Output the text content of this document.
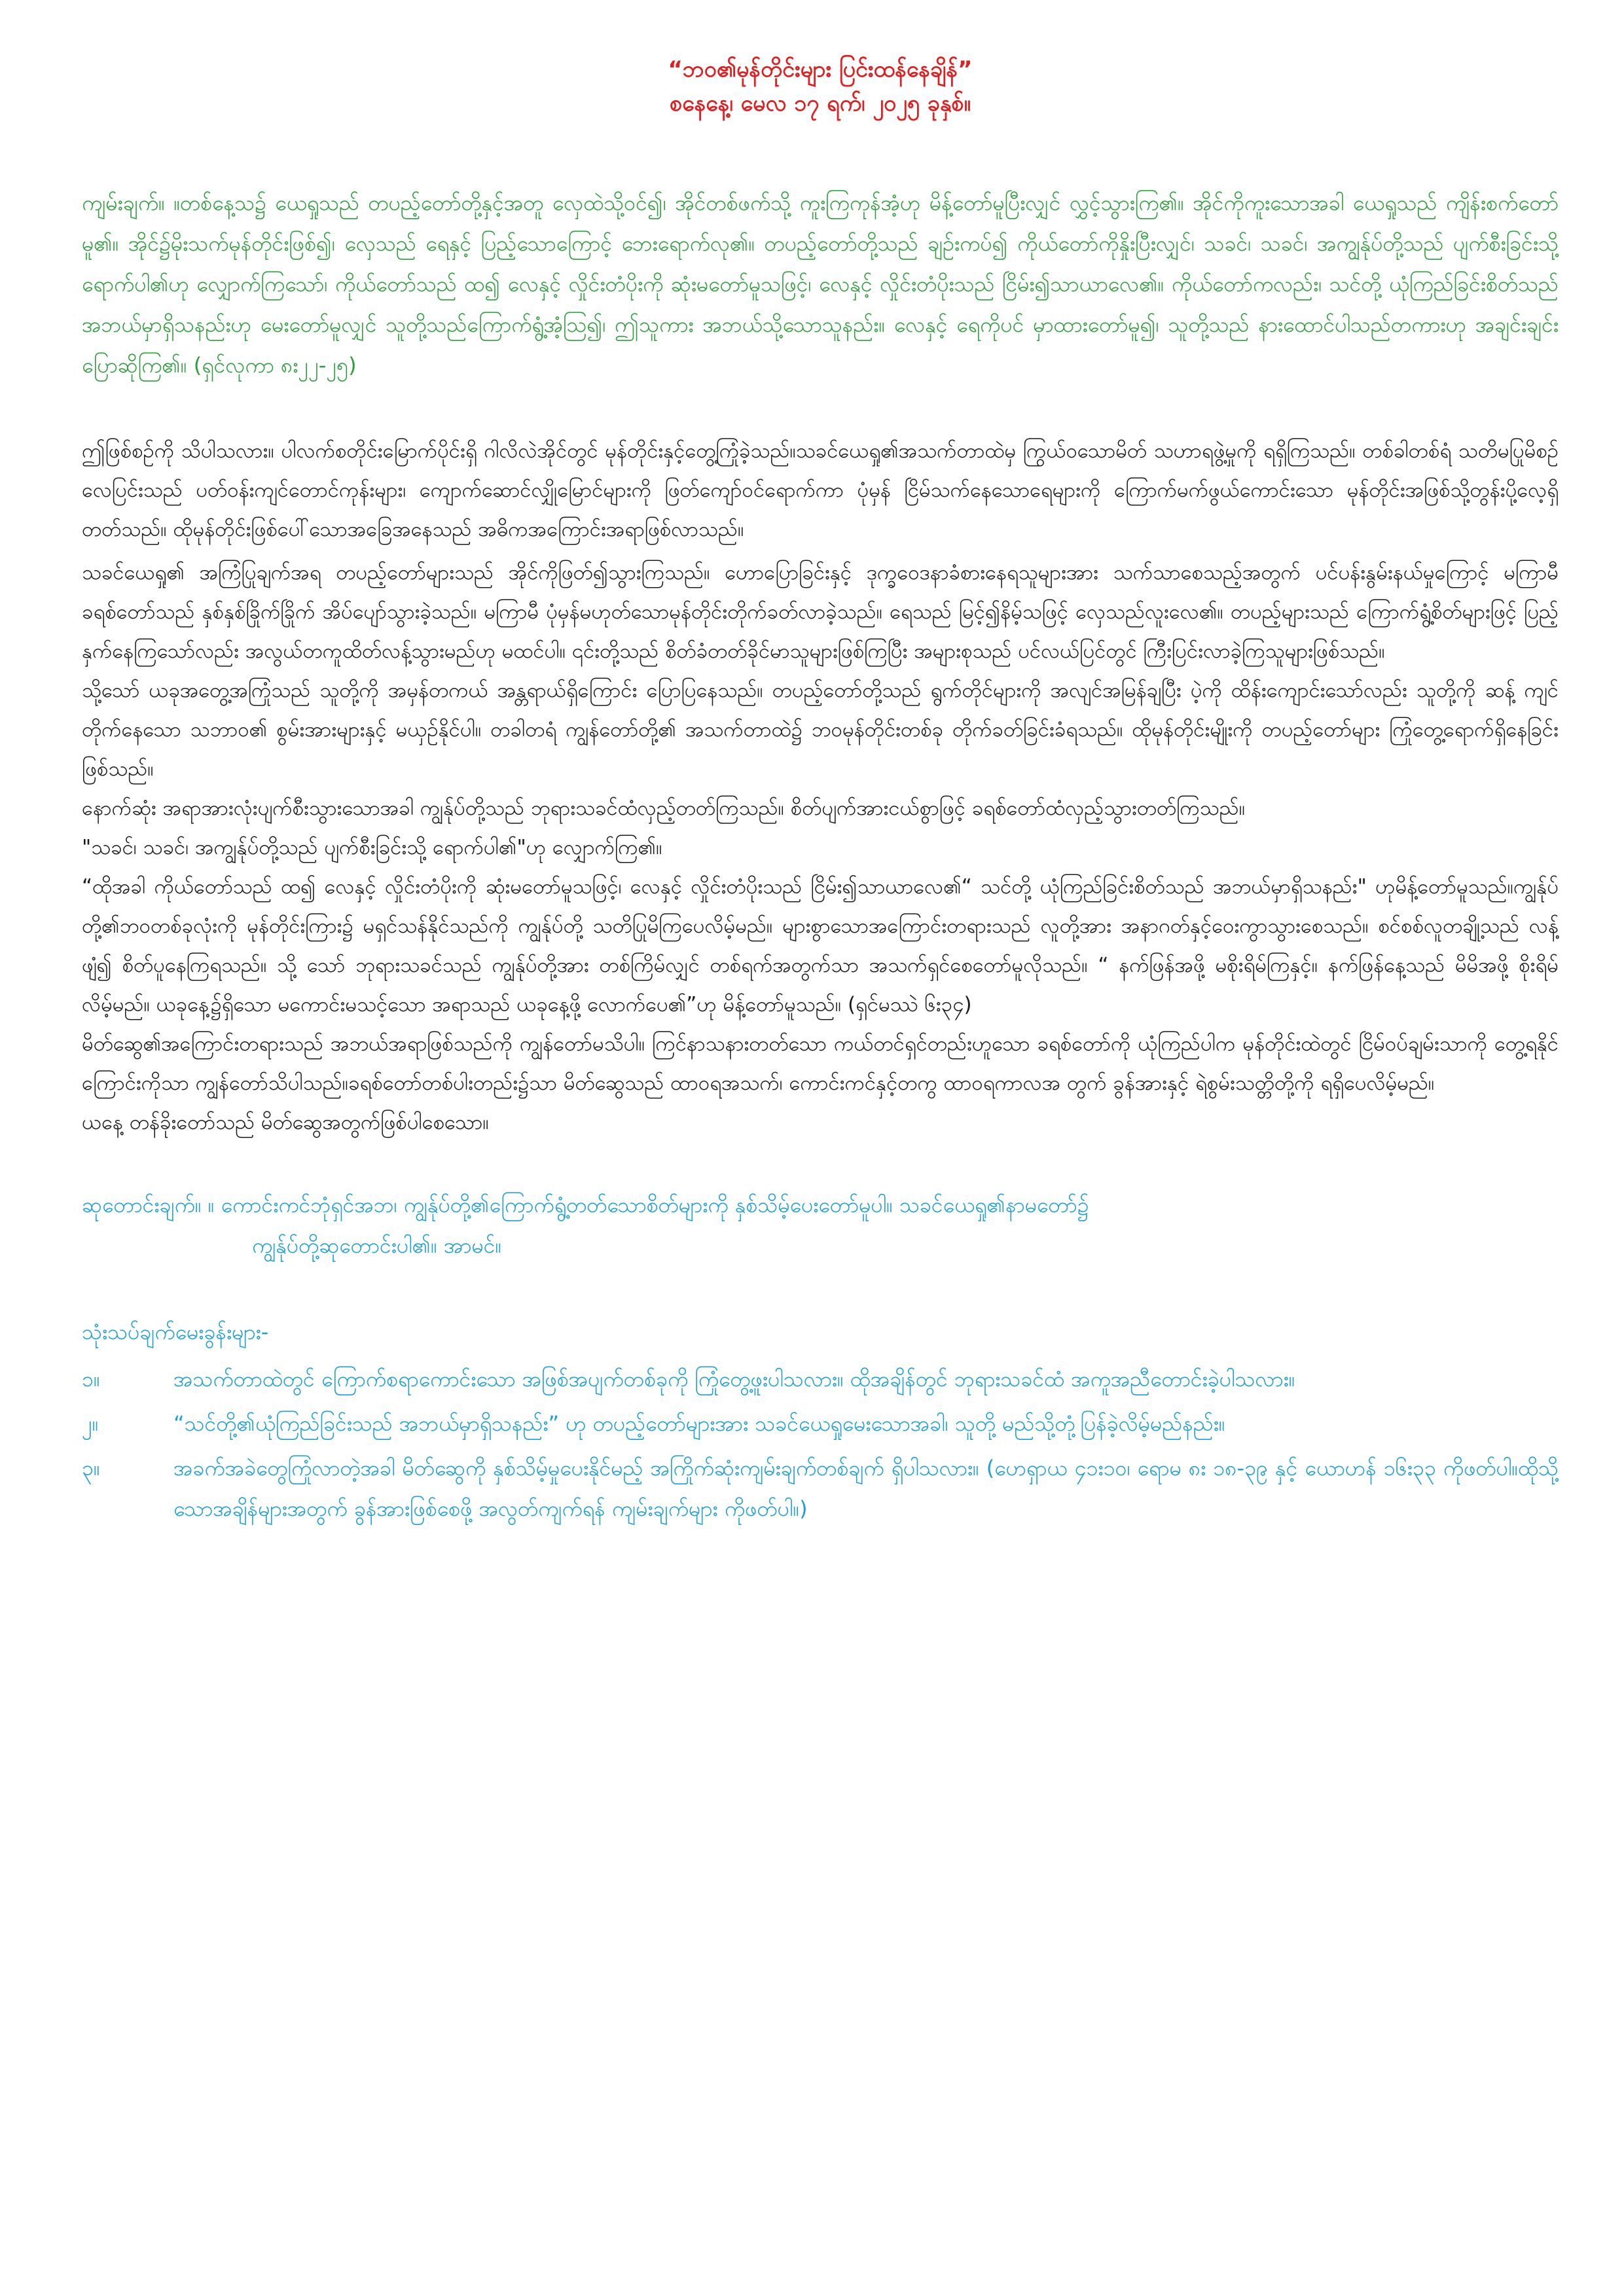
“ဘဝ၏မုန်တိုင်းများ ပြင်းထန်နေချိန်”
စနေနေ့၊ မေလ ၁၇ ရက်၊ ၂၀၂၅ ခုနှစ်။
ကျမ်းချက်။ ။တစ်နေ့သ၌ ယေရှုသည် တပည့်တော်တို့နှင့်အတူ လှေထဲသို့ဝင်၍၊ အိုင်တစ်ဖက်သို့ ကူးကြကုန်အံ့ဟု မိန့်တော်မူပြီးလျှင် လွှင့်သွားကြ၏။ အိုင်ကိုကူးသောအခါ ယေရှုသည် ကျိန်းစက်တော်မူ၏။ အိုင်၌မိုးသက်မုန်တိုင်းဖြစ်၍၊ လှေသည် ရေနှင့် ပြည့်သောကြောင့် ဘေးရောက်လု၏။ တပည့်တော်တို့သည် ချဉ်းကပ်၍ ကိုယ်တော်ကိုနှိုးပြီးလျှင်၊ သခင်၊ သခင်၊ အကျွန်ုပ်တို့သည် ပျက်စီးခြင်းသို့ ရောက်ပါ၏ဟု လျှောက်ကြသော်၊ ကိုယ်တော်သည် ထ၍ လေနှင့် လှိုင်းတံပိုးကို ဆုံးမတော်မူသဖြင့်၊ လေနှင့် လှိုင်းတံပိုးသည် ငြိမ်း၍သာယာလေ၏။ ကိုယ်တော်ကလည်း၊ သင်တို့ ယုံကြည်ခြင်းစိတ်သည် အဘယ်မှာရှိသနည်းဟု မေးတော်မူလျှင် သူတို့သည်ကြောက်ရွံ့အံ့ဩ၍၊ ဤသူကား အဘယ်သို့သောသူနည်း။ လေနှင့် ရေကိုပင် မှာထားတော်မူ၍၊ သူတို့သည် နားထောင်ပါသည်တကားဟု အချင်းချင်းပြောဆိုကြ၏။ (ရှင်လုကာ ၈း၂၂-၂၅)

ဤဖြစ်စဉ်ကို သိပါသလား။ ပါလက်စတိုင်းမြောက်ပိုင်းရှိ ဂါလိလဲအိုင်တွင် မုန်တိုင်းနှင့်တွေ့ကြုံခဲ့သည်။သခင်ယေရှု၏အသက်တာထဲမှ ကြွယ်ဝသောမိတ် သဟာရဖွဲ့မှုကို ရရှိကြသည်။ တစ်ခါတစ်ရံ သတိမပြုမိစဉ် လေပြင်းသည် ပတ်ဝန်းကျင်တောင်ကုန်းများ၊ ကျောက်ဆောင်လျှိုမြောင်များကို ဖြတ်ကျော်ဝင်ရောက်ကာ ပုံမှန် ငြိမ်သက်နေသောရေများကို ကြောက်မက်ဖွယ်ကောင်းသော မုန်တိုင်းအဖြစ်သို့တွန်းပို့လေ့ရှိတတ်သည်။ ထိုမုန်တိုင်းဖြစ်ပေါ်သောအခြေအနေသည် အဓိကအကြောင်းအရာဖြစ်လာသည်။

သခင်ယေရှု၏ အကြံပြုချက်အရ တပည့်တော်များသည် အိုင်ကိုဖြတ်၍သွားကြသည်။ ဟောပြောခြင်းနှင့် ဒုက္ခဝေဒနာခံစားနေရသူများအား သက်သာစေသည့်အတွက် ပင်ပန်းနွမ်းနယ်မှုကြောင့် မကြာမီခရစ်တော်သည် နှစ်နှစ်ခြိုက်ခြိုက် အိပ်ပျော်သွားခဲ့သည်။ မကြာမီ ပုံမှန်မဟုတ်သောမုန်တိုင်းတိုက်ခတ်လာခဲ့သည်။ ရေသည် မြင့်၍နိမ့်သဖြင့် လှေသည်လူးလေ၏။ တပည့်များသည် ကြောက်ရွံ့စိတ်များဖြင့် ပြည့်နှက်နေကြသော်လည်း အလွယ်တကူထိတ်လန့်သွားမည်ဟု မထင်ပါ။ ၎င်းတို့သည် စိတ်ခံတတ်ခိုင်မာသူများဖြစ်ကြပြီး အများစုသည် ပင်လယ်ပြင်တွင် ကြီးပြင်းလာခဲ့ကြသူများဖြစ်သည်။

သို့သော် ယခုအတွေ့အကြုံသည် သူတို့ကို အမှန်တကယ် အန္တရာယ်ရှိကြောင်း ပြောပြနေသည်။ တပည့်တော်တို့သည် ရွက်တိုင်များကို အလျင်အမြန်ချပြီး ပဲ့ကို ထိန်းကျောင်းသော်လည်း သူတို့ကို ဆန့် ကျင်တိုက်နေသော သဘာဝ၏ စွမ်းအားများနှင့် မယှဉ်နိုင်ပါ။ တခါတရံ ကျွန်တော်တို့၏ အသက်တာထဲ၌ ဘဝမုန်တိုင်းတစ်ခု တိုက်ခတ်ခြင်းခံရသည်။ ထိုမုန်တိုင်းမျိုးကို တပည့်တော်များ ကြုံတွေ့ရောက်ရှိနေခြင်းဖြစ်သည်။

နောက်ဆုံး အရာအားလုံးပျက်စီးသွားသောအခါ ကျွန်ုပ်တို့သည် ဘုရားသခင်ထံလှည့်တတ်ကြသည်။ စိတ်ပျက်အားငယ်စွာဖြင့် ခရစ်တော်ထံလှည့်သွားတတ်ကြသည်။

"သခင်၊ သခင်၊ အကျွန်ုပ်တို့သည် ပျက်စီးခြင်းသို့ ရောက်ပါ၏"ဟု လျှောက်ကြ၏။

“ထိုအခါ ကိုယ်တော်သည် ထ၍ လေနှင့် လှိုင်းတံပိုးကို ဆုံးမတော်မူသဖြင့်၊ လေနှင့် လှိုင်းတံပိုးသည် ငြိမ်း၍သာယာလေ၏“ သင်တို့ ယုံကြည်ခြင်းစိတ်သည် အဘယ်မှာရှိသနည်း" ဟုမိန့်တော်မူသည်။ကျွန်ုပ်တို့၏ဘဝတစ်ခုလုံးကို မုန်တိုင်းကြား၌ မရှင်သန်နိုင်သည်ကို ကျွန်ုပ်တို့ သတိပြုမိကြပေလိမ့်မည်။ များစွာသောအကြောင်းတရားသည် လူတို့အား အနာဂတ်နှင့်ဝေးကွာသွားစေသည်။ စင်စစ်လူတချို့သည် လန့်ဖျံ၍ စိတ်ပူနေကြရသည်။ သို့ သော် ဘုရားသခင်သည် ကျွန်ုပ်တို့အား တစ်ကြိမ်လျှင် တစ်ရက်အတွက်သာ အသက်ရှင်စေတော်မူလိုသည်။ “ နက်ဖြန်အဖို့ မစိုးရိမ်ကြနှင့်။ နက်ဖြန်နေ့သည် မိမိအဖို့ စိုးရိမ်လိမ့်မည်။ ယခုနေ့၌ရှိသော မကောင်းမသင့်သော အရာသည် ယခုနေ့ဖို့ လောက်ပေ၏”ဟု မိန့်တော်မူသည်။ (ရှင်မဿဲ ၆း၃၄)

မိတ်ဆွေ၏အကြောင်းတရားသည် အဘယ်အရာဖြစ်သည်ကို ကျွန်တော်မသိပါ။ ကြင်နာသနားတတ်သော ကယ်တင်ရှင်တည်းဟူသော ခရစ်တော်ကို ယုံကြည်ပါက မုန်တိုင်းထဲတွင် ငြိမ်ဝပ်ချမ်းသာကို တွေ့ရနိုင်ကြောင်းကိုသာ ကျွန်တော်သိပါသည်။ခရစ်တော်တစ်ပါးတည်း၌သာ မိတ်ဆွေသည် ထာဝရအသက်၊ ကောင်းကင်နှင့်တကွ ထာဝရကာလအ တွက် ခွန်အားနှင့် ရဲစွမ်းသတ္တိတို့ကို ရရှိပေလိမ့်မည်။

ယနေ့ တန်ခိုးတော်သည် မိတ်ဆွေအတွက်ဖြစ်ပါစေသော။

ဆုတောင်းချက်။ ။ ကောင်းကင်ဘုံရှင်အဘ၊ ကျွန်ုပ်တို့၏ကြောက်ရွံ့တတ်သောစိတ်များကို နှစ်သိမ့်ပေးတော်မူပါ။ သခင်ယေရှု၏နာမတော်၌
ကျွန်ုပ်တို့ဆုတောင်းပါ၏။ အာမင်။
သုံးသပ်ချက်မေးခွန်းများ-
၁။	အသက်တာထဲတွင် ကြောက်စရာကောင်းသော အဖြစ်အပျက်တစ်ခုကို ကြုံတွေ့ဖူးပါသလား။ ထိုအချိန်တွင် ဘုရားသခင်ထံ အကူအညီတောင်းခဲ့ပါသလား။
၂။	“သင်တို့၏ယုံကြည်ခြင်းသည် အဘယ်မှာရှိသနည်း” ဟု တပည့်တော်များအား သခင်ယေရှုမေးသောအခါ၊ သူတို့ မည်သို့တုံ့ပြန်ခဲ့လိမ့်မည်နည်း။
၃။	အခက်အခဲတွေကြုံလာတဲ့အခါ မိတ်ဆွေကို နှစ်သိမ့်မှုပေးနိုင်မည့် အကြိုက်ဆုံးကျမ်းချက်တစ်ချက် ရှိပါသလား။ (ဟေရှာယ ၄၁း၁၀၊ ရောမ ၈း ၁၈-၃၉ နှင့် ယောဟန် ၁၆း၃၃ ကိုဖတ်ပါ။ထိုသို့သောအချိန်များအတွက် ခွန်အားဖြစ်စေဖို့ အလွတ်ကျက်ရန် ကျမ်းချက်များ ကိုဖတ်ပါ။)
